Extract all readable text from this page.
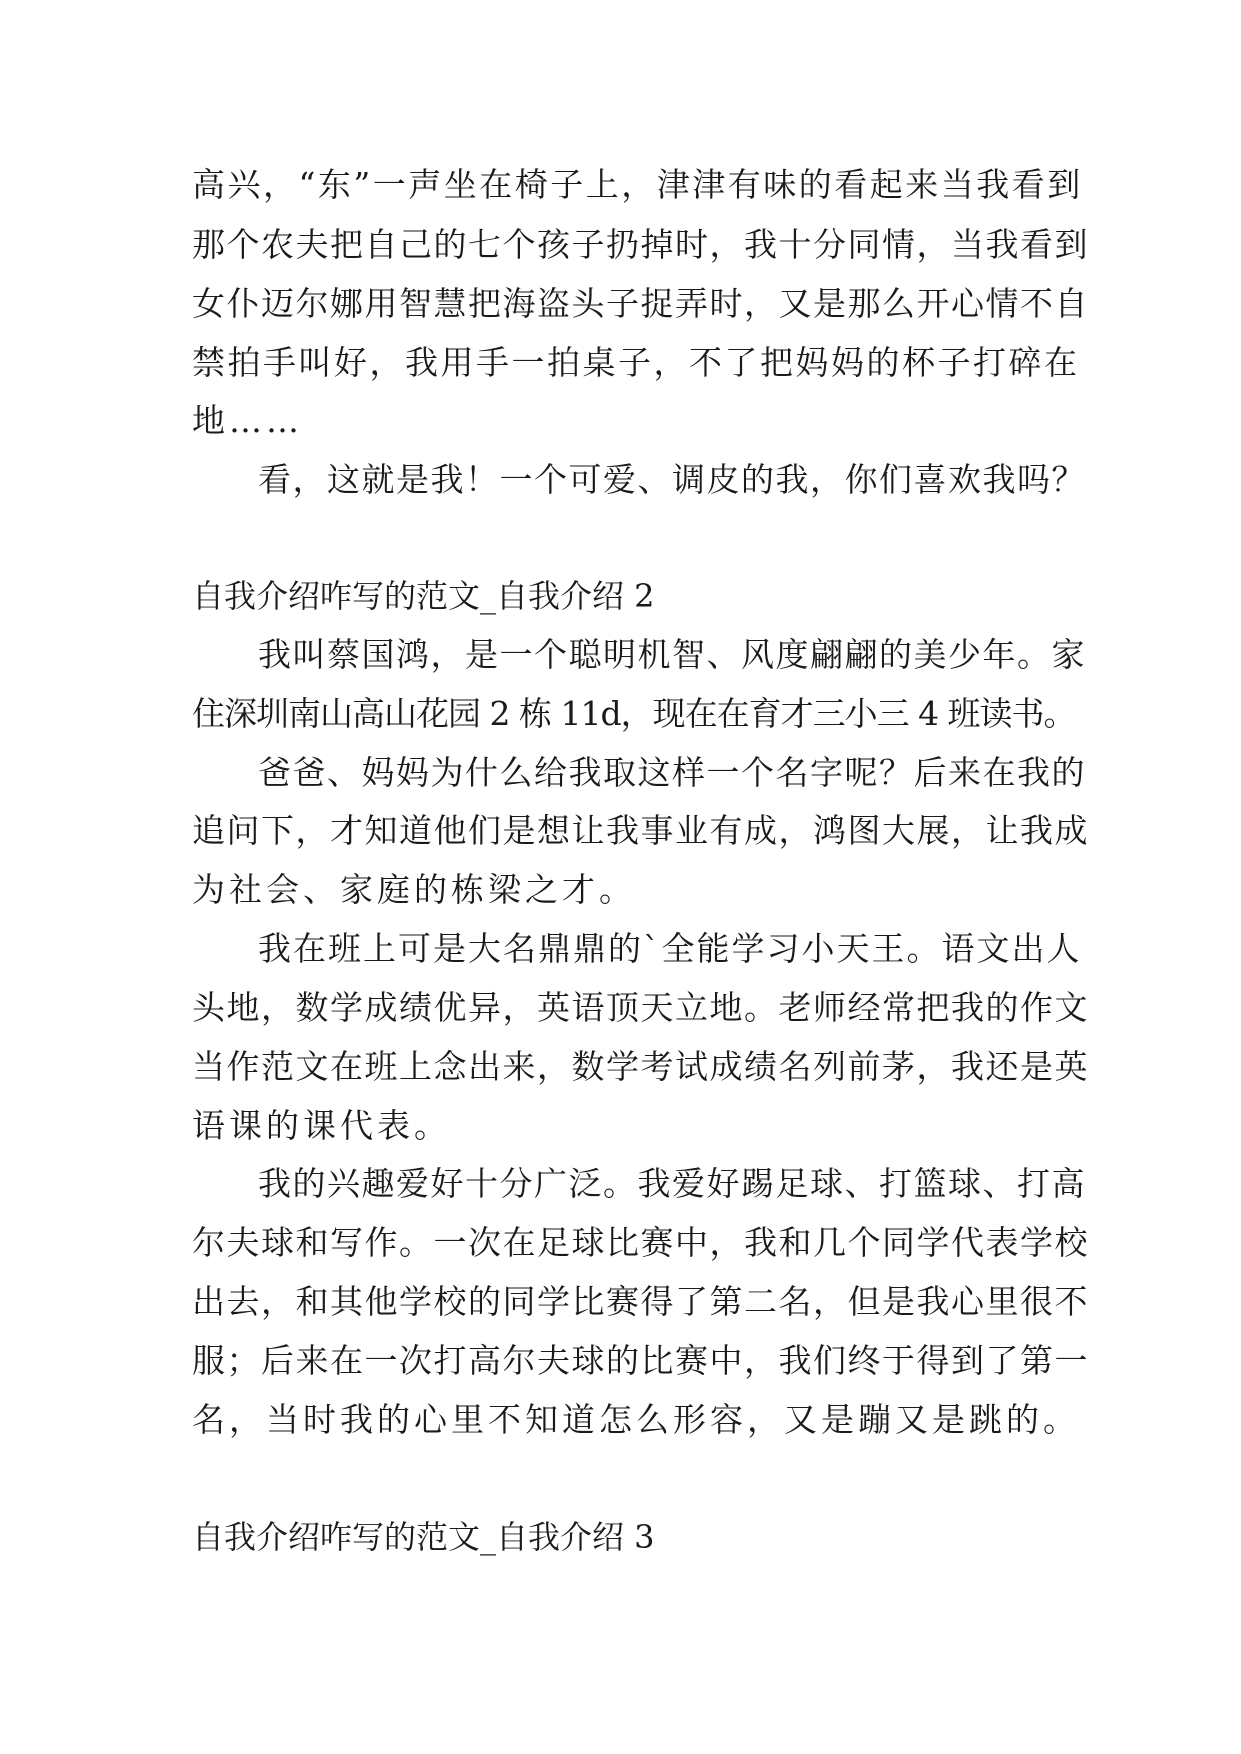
高兴，“东”一声坐在椅子上，津津有味的看起来当我看到
那个农夫把自己的七个孩子扔掉时，我十分同情，当我看到
女仆迈尔娜用智慧把海盗头子捉弄时，又是那么开心情不自
禁拍手叫好，我用手一拍桌子，不了把妈妈的杯子打碎在
地……
看，这就是我！一个可爱、调皮的我，你们喜欢我吗？
自我介绍咋写的范文_自我介绍 2
我叫蔡国鸿，是一个聪明机智、风度翩翩的美少年。家
住深圳南山高山花园 2 栋 11d，现在在育才三小三 4 班读书。
爸爸、妈妈为什么给我取这样一个名字呢？后来在我的
追问下，才知道他们是想让我事业有成，鸿图大展，让我成
为社会、家庭的栋梁之才。
我在班上可是大名鼎鼎的`全能学习小天王。语文出人
头地，数学成绩优异，英语顶天立地。老师经常把我的作文
当作范文在班上念出来，数学考试成绩名列前茅，我还是英
语课的课代表。
我的兴趣爱好十分广泛。我爱好踢足球、打篮球、打高
尔夫球和写作。一次在足球比赛中，我和几个同学代表学校
出去，和其他学校的同学比赛得了第二名，但是我心里很不
服；后来在一次打高尔夫球的比赛中，我们终于得到了第一
名，当时我的心里不知道怎么形容，又是蹦又是跳的。
自我介绍咋写的范文_自我介绍 3
